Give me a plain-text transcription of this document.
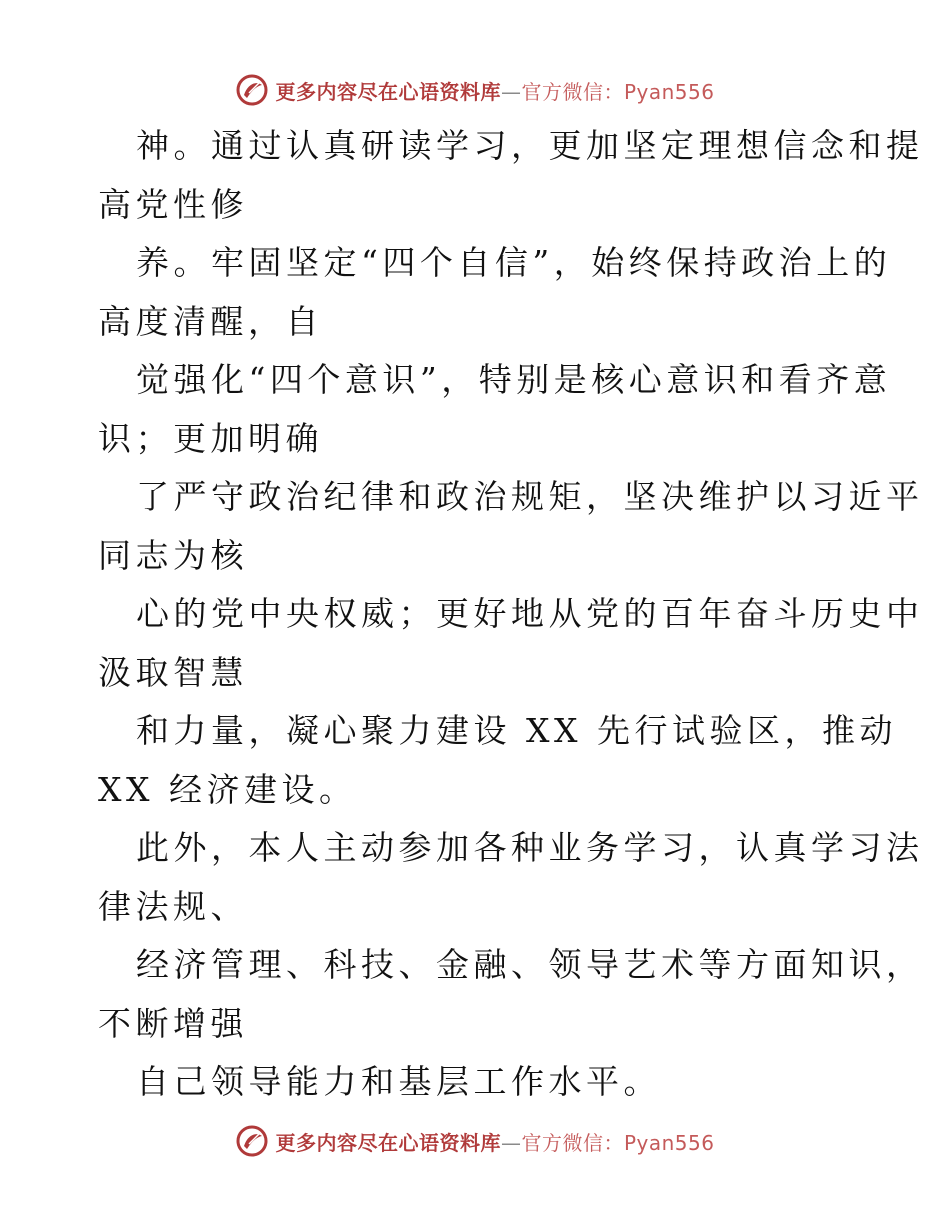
更多内容尽在心语资料库—官方微信：Pyan556
神。通过认真研读学习，更加坚定理想信念和提
高党性修
养。牢固坚定“四个自信”，始终保持政治上的
高度清醒，自
觉强化“四个意识”，特别是核心意识和看齐意
识；更加明确
了严守政治纪律和政治规矩，坚决维护以习近平
同志为核
心的党中央权威；更好地从党的百年奋斗历史中
汲取智慧
和力量，凝心聚力建设 XX 先行试验区，推动
XX 经济建设。
此外，本人主动参加各种业务学习，认真学习法
律法规、
经济管理、科技、金融、领导艺术等方面知识，
不断增强
自己领导能力和基层工作水平。
更多内容尽在心语资料库—官方微信：Pyan556
